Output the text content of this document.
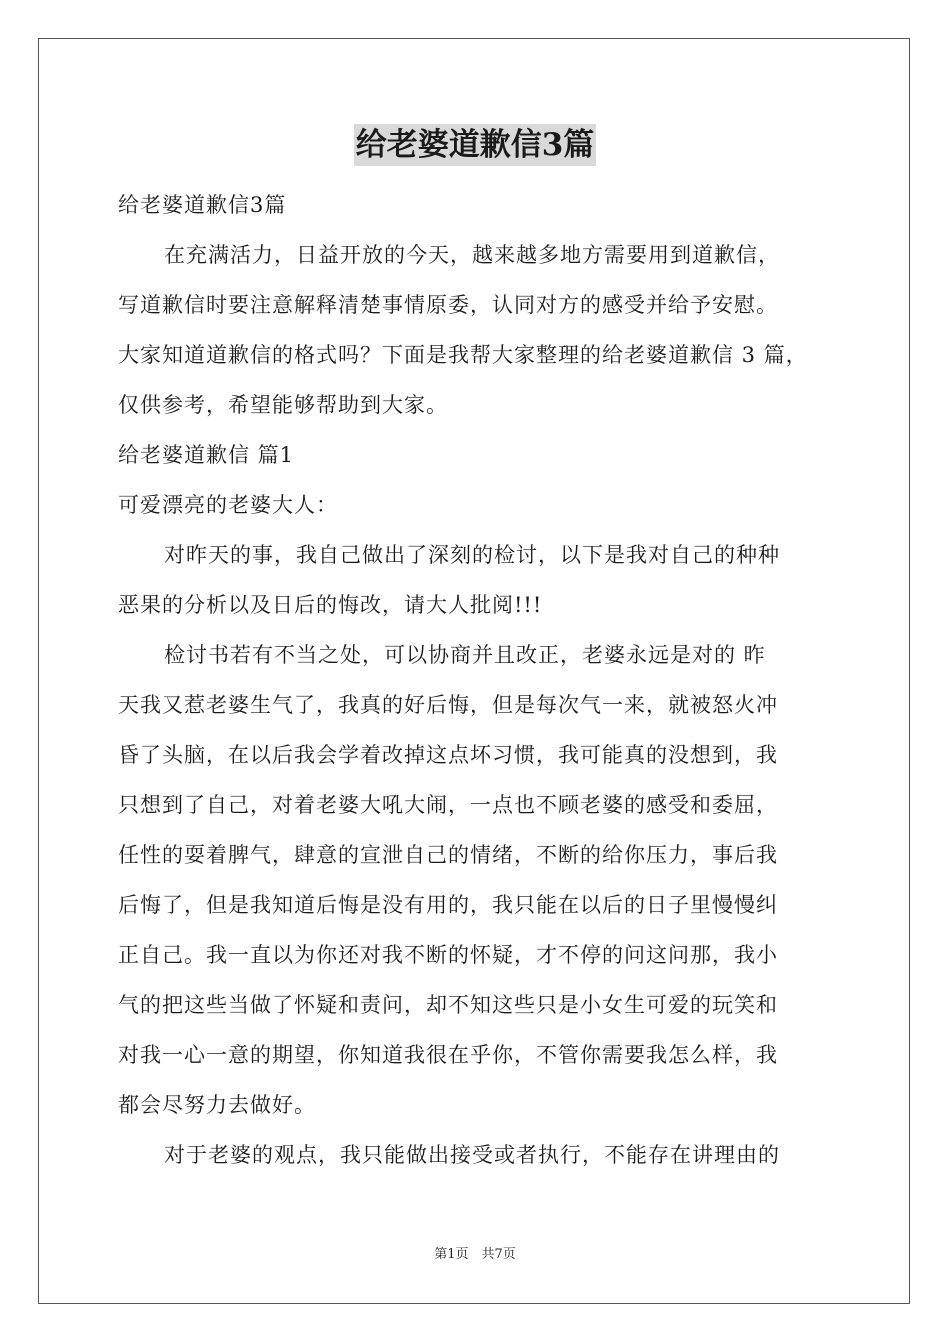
给老婆道歉信3篇
给老婆道歉信3篇
在充满活力，日益开放的今天，越来越多地方需要用到道歉信，
写道歉信时要注意解释清楚事情原委，认同对方的感受并给予安慰。
大家知道道歉信的格式吗？下面是我帮大家整理的给老婆道歉信 3 篇，
仅供参考，希望能够帮助到大家。
给老婆道歉信 篇1
可爱漂亮的老婆大人：
对昨天的事，我自己做出了深刻的检讨，以下是我对自己的种种
恶果的分析以及日后的悔改，请大人批阅!!!
检讨书若有不当之处，可以协商并且改正，老婆永远是对的 昨
天我又惹老婆生气了，我真的好后悔，但是每次气一来，就被怒火冲
昏了头脑，在以后我会学着改掉这点坏习惯，我可能真的没想到，我
只想到了自己，对着老婆大吼大闹，一点也不顾老婆的感受和委屈，
任性的耍着脾气，肆意的宣泄自己的情绪，不断的给你压力，事后我
后悔了，但是我知道后悔是没有用的，我只能在以后的日子里慢慢纠
正自己。我一直以为你还对我不断的怀疑，才不停的问这问那，我小
气的把这些当做了怀疑和责问，却不知这些只是小女生可爱的玩笑和
对我一心一意的期望，你知道我很在乎你，不管你需要我怎么样，我
都会尽努力去做好。
对于老婆的观点，我只能做出接受或者执行，不能存在讲理由的
第1页　共7页
